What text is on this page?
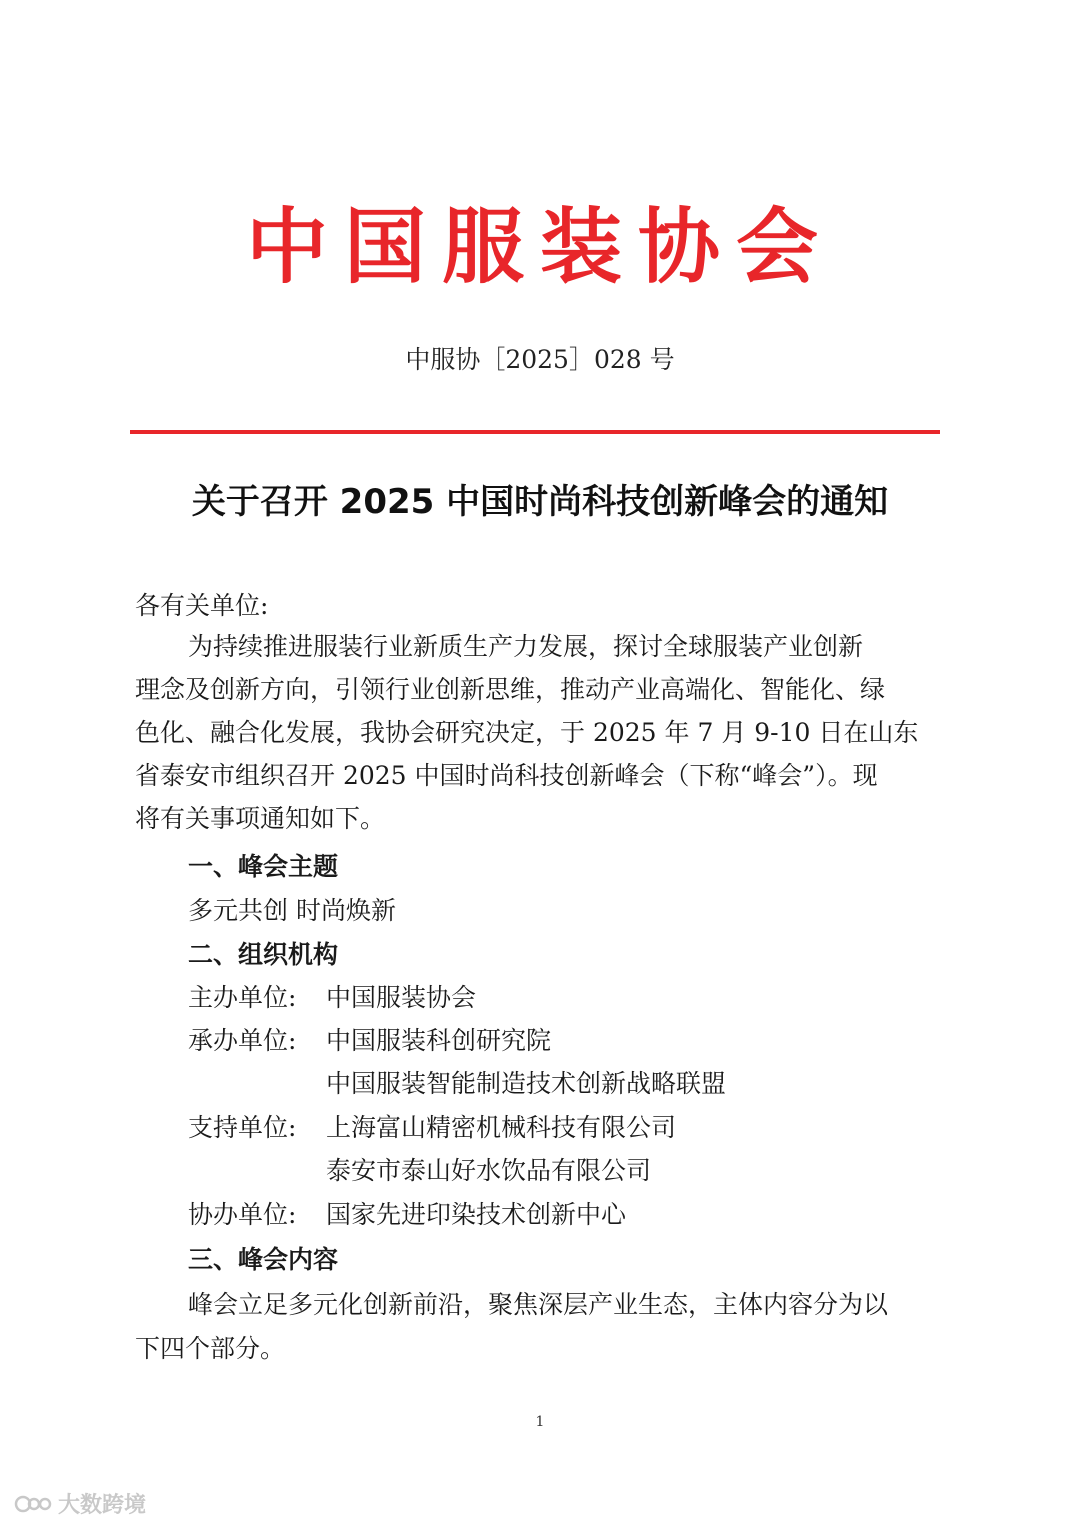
中国服装协会
中服协［2025］028 号
关于召开 2025 中国时尚科技创新峰会的通知
各有关单位:
为持续推进服装行业新质生产力发展，探讨全球服装产业创新
理念及创新方向，引领行业创新思维，推动产业高端化、智能化、绿
色化、融合化发展，我协会研究决定，于 2025 年 7 月 9-10 日在山东
省泰安市组织召开 2025 中国时尚科技创新峰会（下称“峰会”）。现
将有关事项通知如下。
一、峰会主题
多元共创 时尚焕新
二、组织机构
主办单位: 中国服装协会
承办单位: 中国服装科创研究院
中国服装智能制造技术创新战略联盟
支持单位: 上海富山精密机械科技有限公司
泰安市泰山好水饮品有限公司
协办单位: 国家先进印染技术创新中心
三、峰会内容
峰会立足多元化创新前沿，聚焦深层产业生态，主体内容分为以
下四个部分。
1
大数跨境
